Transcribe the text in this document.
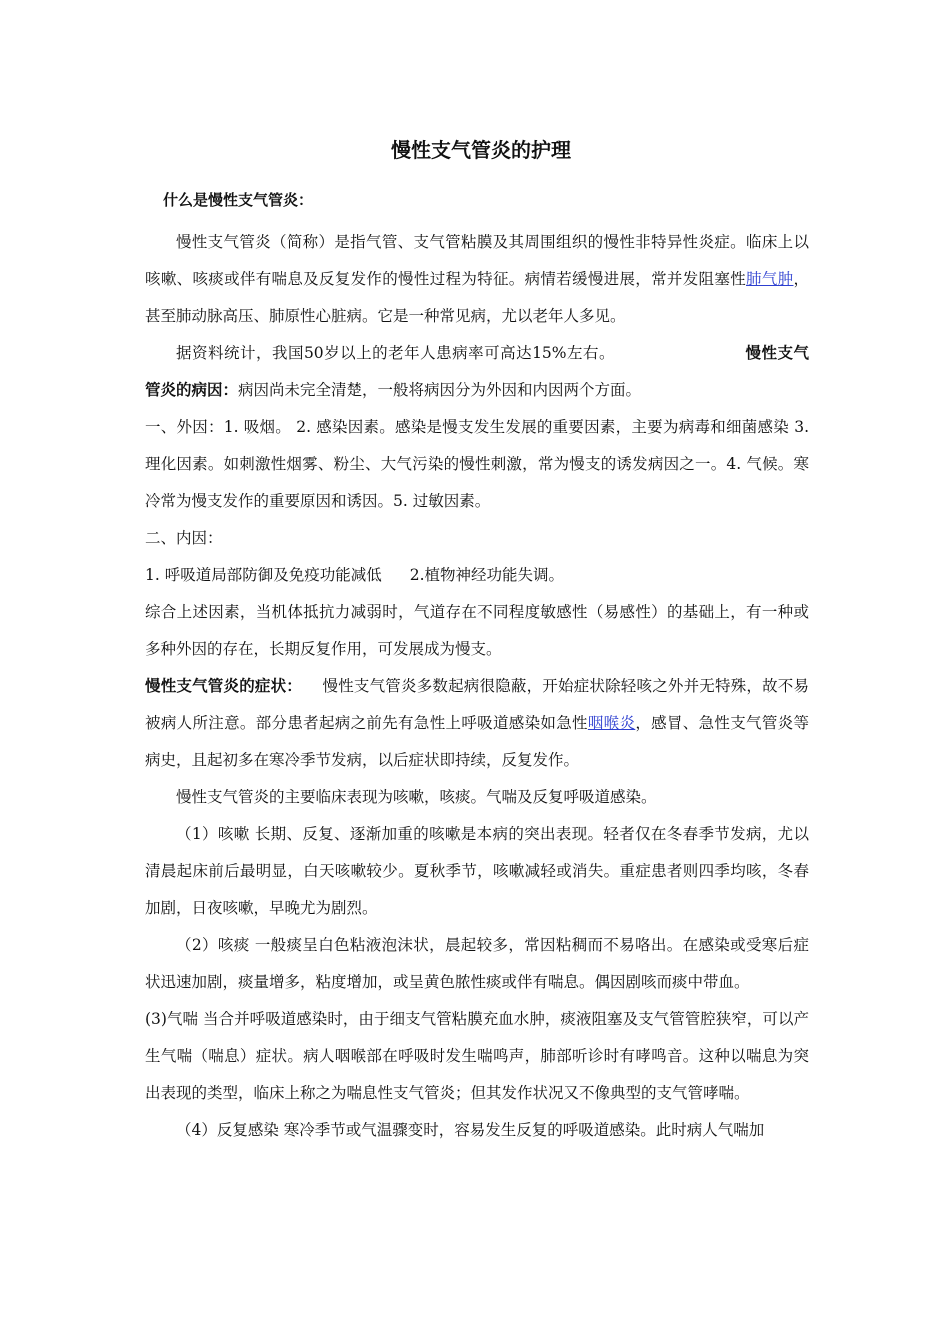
慢性支气管炎的护理
什么是慢性支气管炎：

慢性支气管炎（简称）是指气管、支气管粘膜及其周围组织的慢性非特异性炎症。临床上以咳嗽、咳痰或伴有喘息及反复发作的慢性过程为特征。病情若缓慢进展，常并发阻塞性肺气肿，甚至肺动脉高压、肺原性心脏病。它是一种常见病，尤以老年人多见。

据资料统计，我国50岁以上的老年人患病率可高达15%左右。	慢性支气管炎的病因：病因尚未完全清楚，一般将病因分为外因和内因两个方面。

一、外因：1. 吸烟。 2. 感染因素。感染是慢支发生发展的重要因素，主要为病毒和细菌感染 3. 理化因素。如刺激性烟雾、粉尘、大气污染的慢性刺激，常为慢支的诱发病因之一。4. 气候。寒冷常为慢支发作的重要原因和诱因。5. 过敏因素。

二、内因：

1. 呼吸道局部防御及免疫功能减低 2.植物神经功能失调。

综合上述因素，当机体抵抗力减弱时，气道存在不同程度敏感性（易感性）的基础上，有一种或多种外因的存在，长期反复作用，可发展成为慢支。

慢性支气管炎的症状： 慢性支气管炎多数起病很隐蔽，开始症状除轻咳之外并无特殊，故不易被病人所注意。部分患者起病之前先有急性上呼吸道感染如急性咽喉炎，感冒、急性支气管炎等病史，且起初多在寒冷季节发病，以后症状即持续，反复发作。

慢性支气管炎的主要临床表现为咳嗽，咳痰。气喘及反复呼吸道感染。

（1）咳嗽 长期、反复、逐渐加重的咳嗽是本病的突出表现。轻者仅在冬春季节发病，尤以清晨起床前后最明显，白天咳嗽较少。夏秋季节，咳嗽减轻或消失。重症患者则四季均咳，冬春加剧，日夜咳嗽，早晚尤为剧烈。

（2）咳痰 一般痰呈白色粘液泡沫状，晨起较多，常因粘稠而不易咯出。在感染或受寒后症状迅速加剧，痰量增多，粘度增加，或呈黄色脓性痰或伴有喘息。偶因剧咳而痰中带血。

(3)气喘 当合并呼吸道感染时，由于细支气管粘膜充血水肿，痰液阻塞及支气管管腔狭窄，可以产生气喘（喘息）症状。病人咽喉部在呼吸时发生喘鸣声，肺部听诊时有哮鸣音。这种以喘息为突出表现的类型，临床上称之为喘息性支气管炎；但其发作状况又不像典型的支气管哮喘。

（4）反复感染 寒冷季节或气温骤变时，容易发生反复的呼吸道感染。此时病人气喘加
